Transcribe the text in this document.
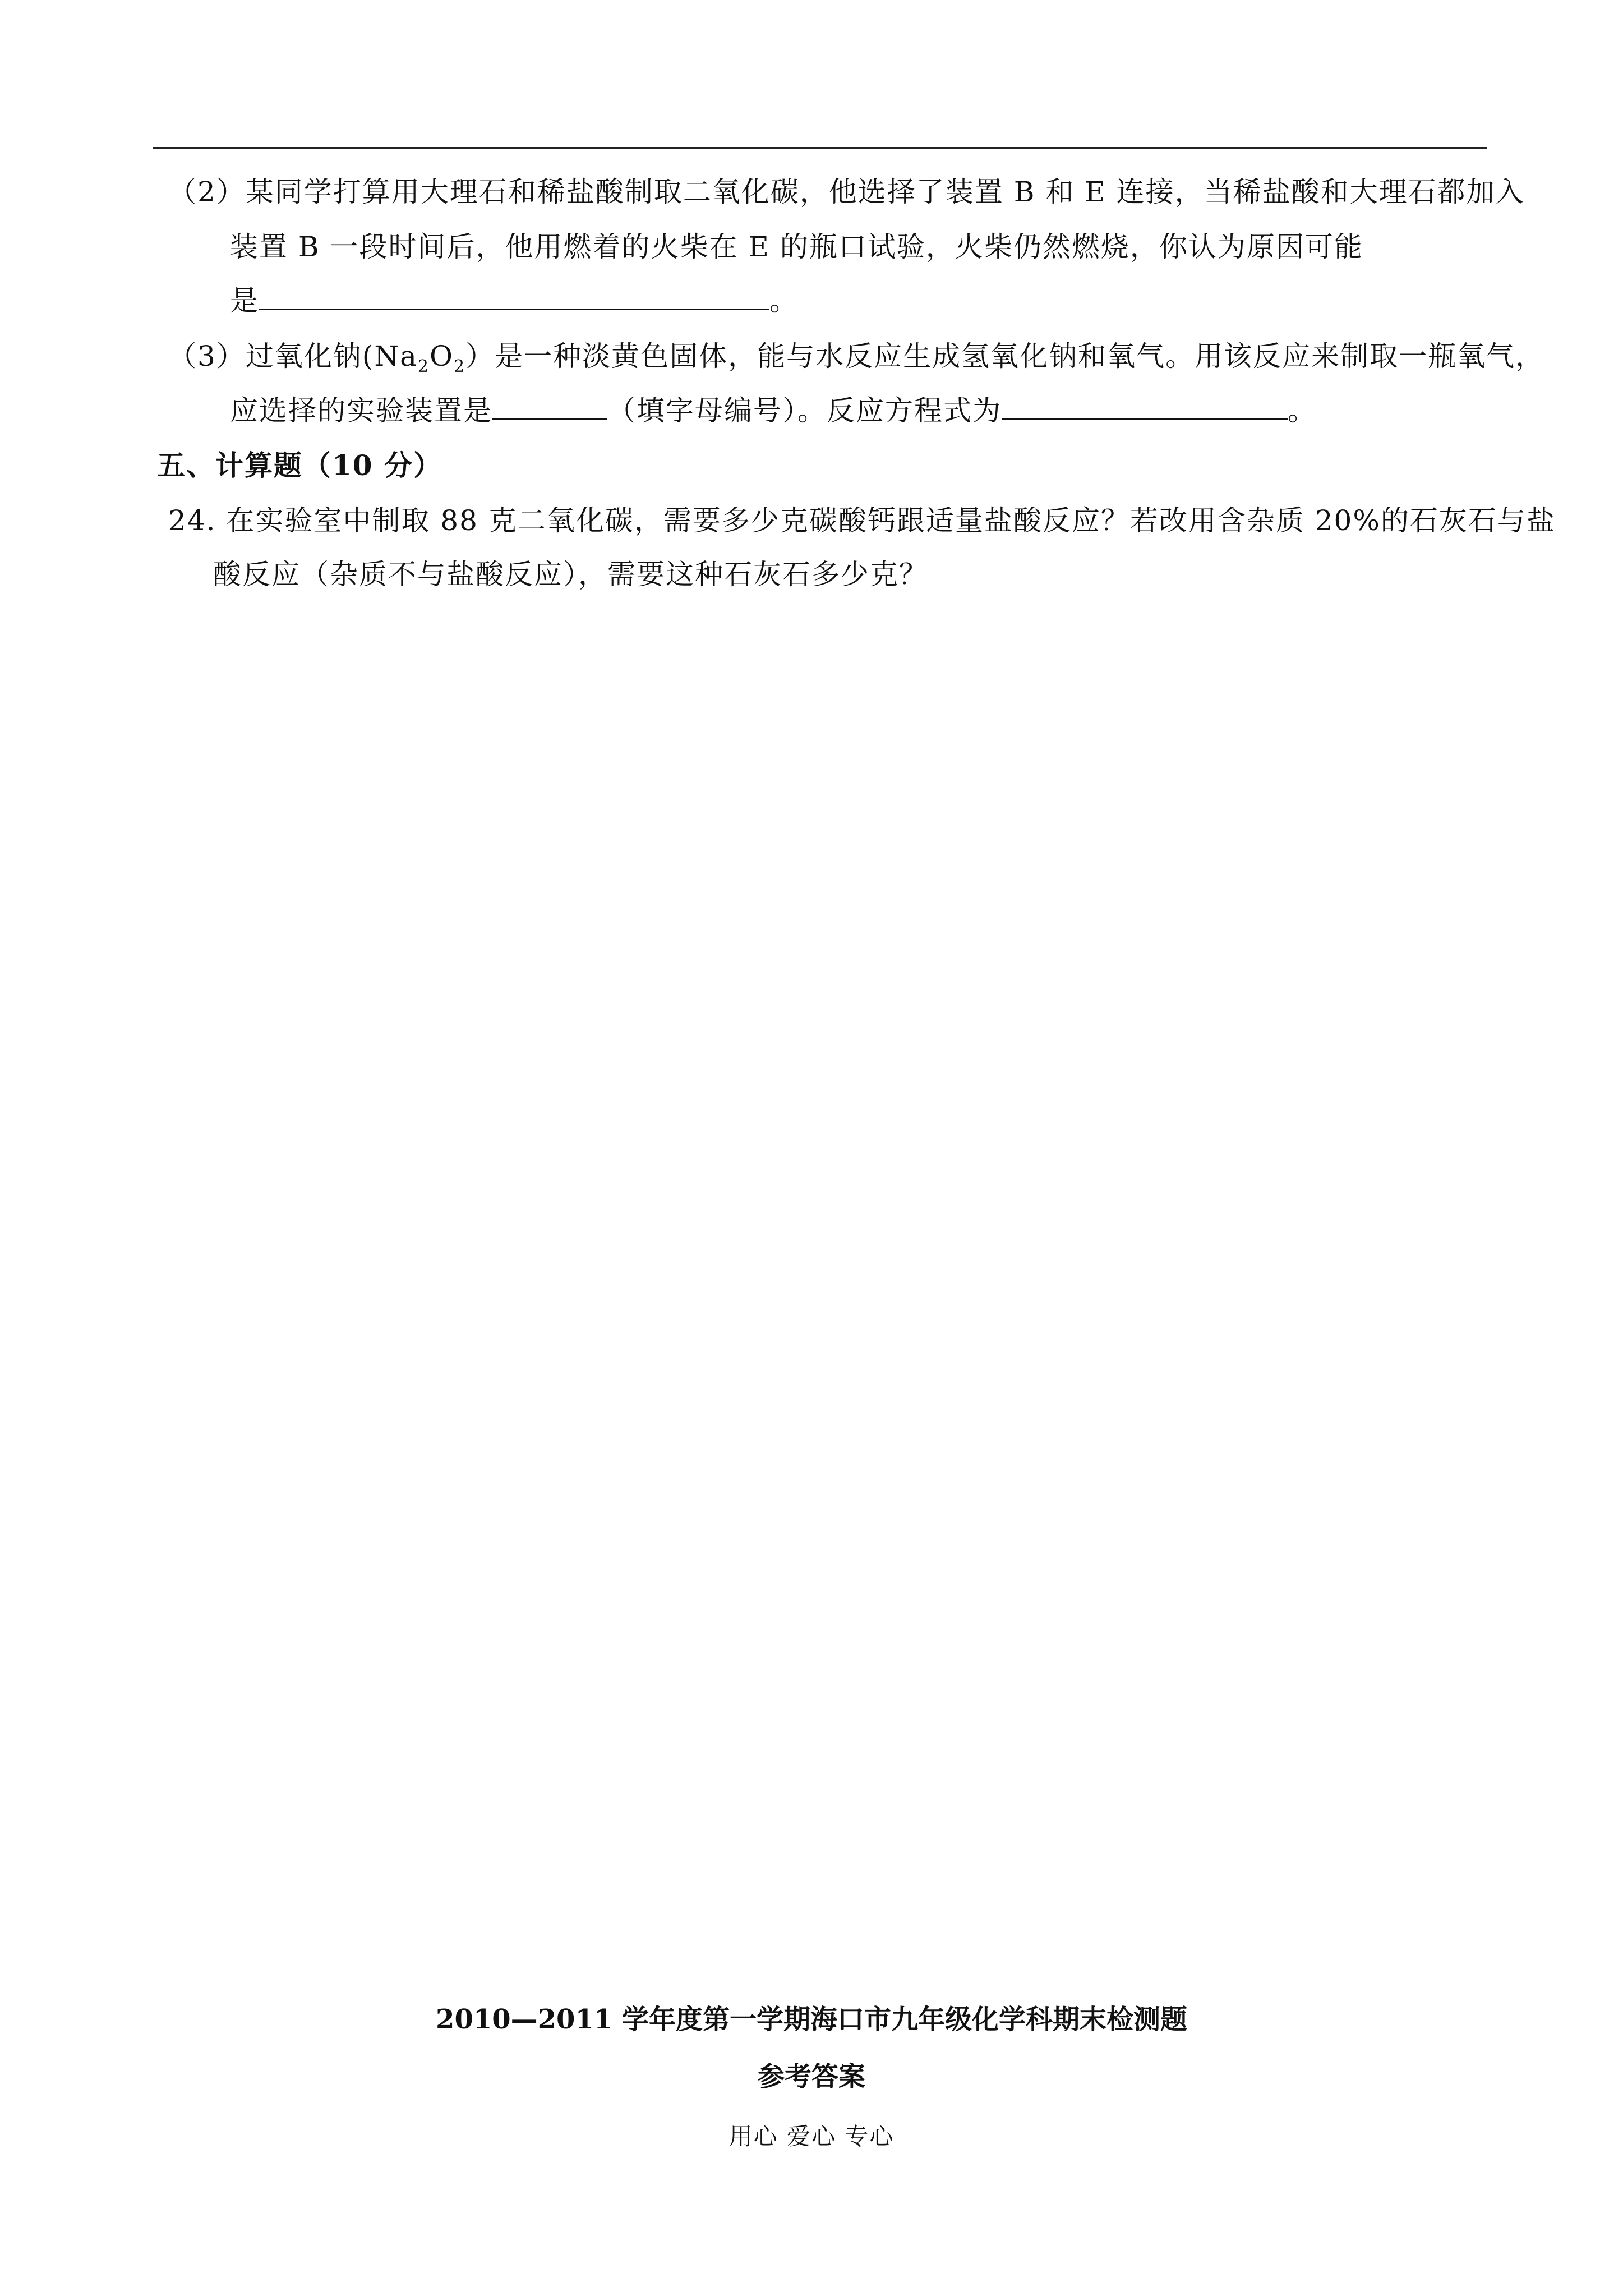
（2）某同学打算用大理石和稀盐酸制取二氧化碳，他选择了装置 B 和 E 连接，当稀盐酸和大理石都加入
装置 B 一段时间后，他用燃着的火柴在 E 的瓶口试验，火柴仍然燃烧，你认为原因可能
是	。
（3）过氧化钠$(Na_2O_2)$是一种淡黄色固体，能与水反应生成氢氧化钠和氧气。用该反应来制取一瓶氧气，
应选择的实验装置是	（填字母编号）。反应方程式为	。
五、计算题（10 分）
24. 在实验室中制取 88 克二氧化碳，需要多少克碳酸钙跟适量盐酸反应？若改用含杂质 20%的石灰石与盐
酸反应（杂质不与盐酸反应），需要这种石灰石多少克？
2010—2011 学年度第一学期海口市九年级化学科期末检测题
参考答案
用心 爱心 专心
